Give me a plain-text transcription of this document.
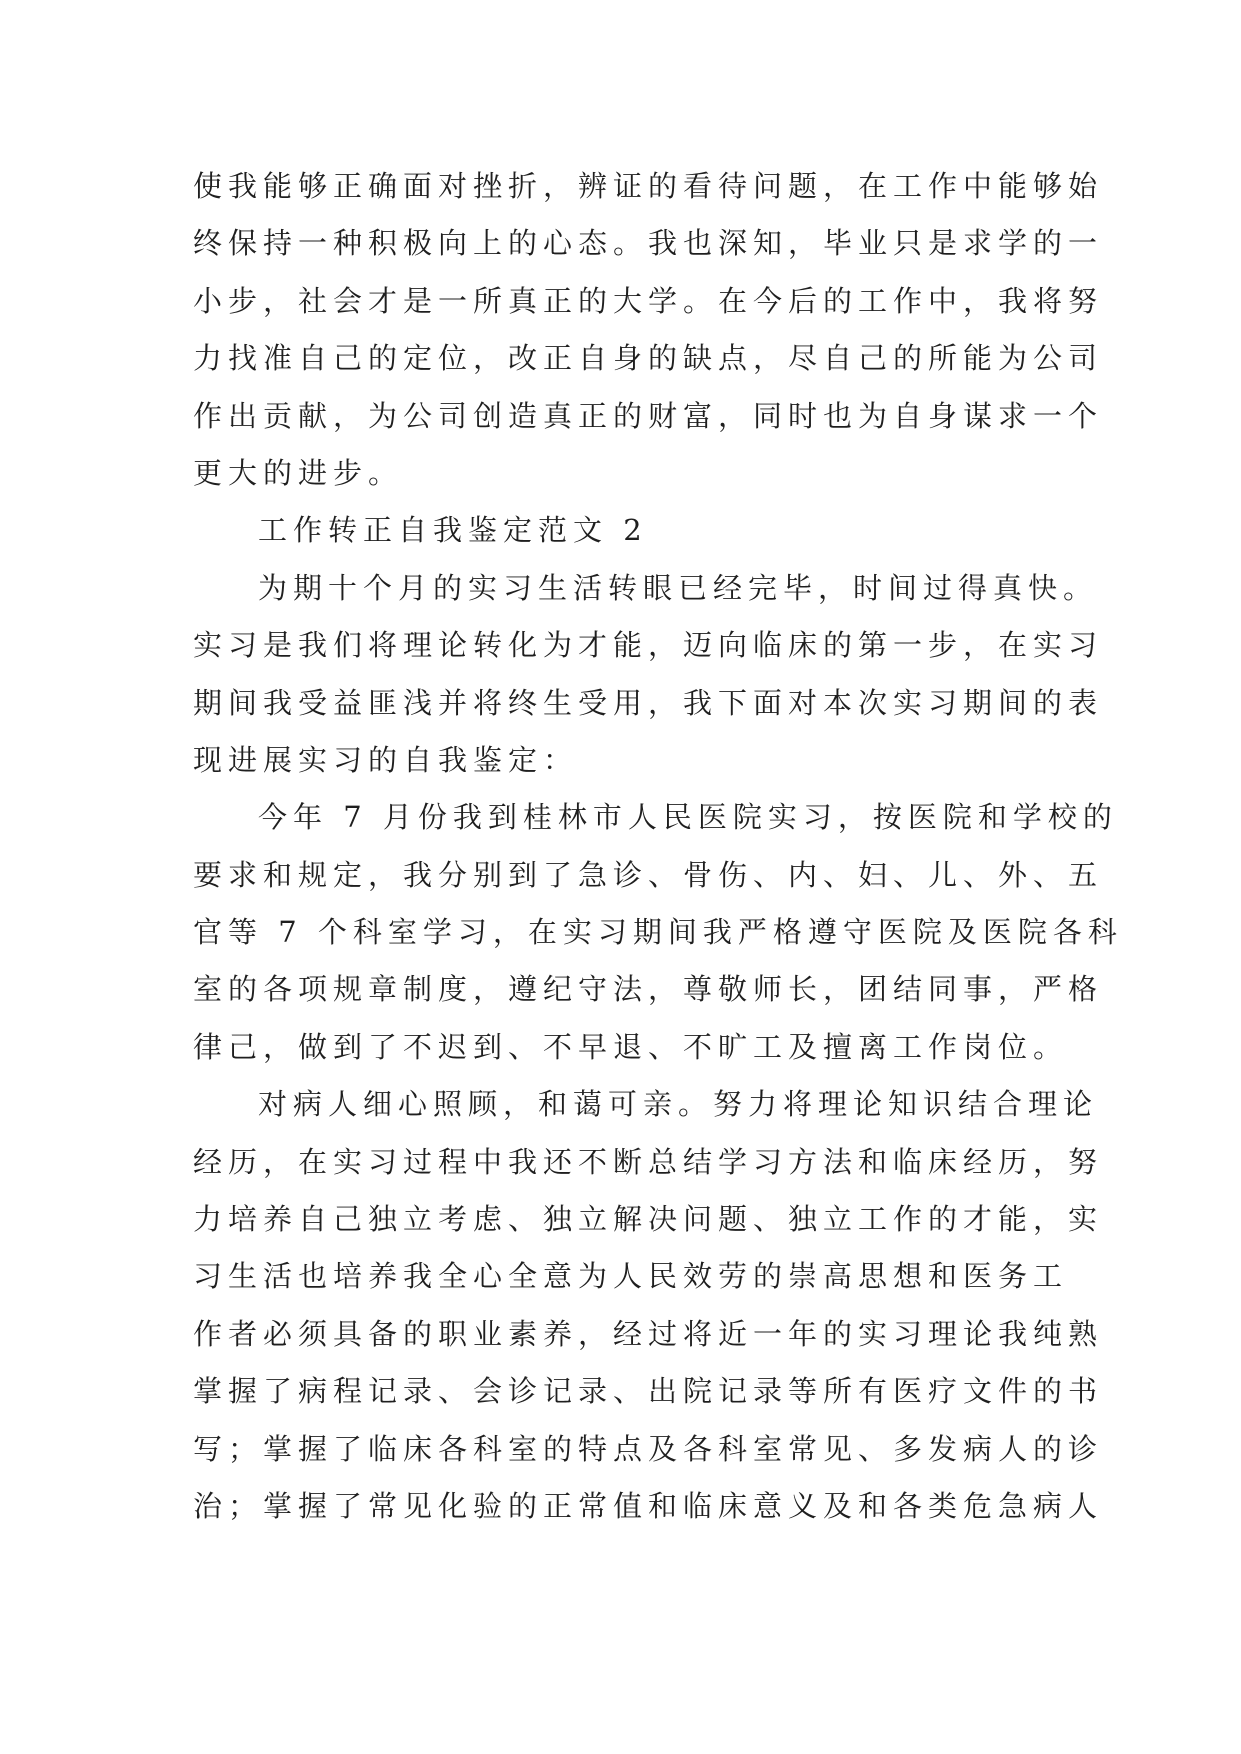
使我能够正确面对挫折，辨证的看待问题，在工作中能够始
终保持一种积极向上的心态。我也深知，毕业只是求学的一
小步，社会才是一所真正的大学。在今后的工作中，我将努
力找准自己的定位，改正自身的缺点，尽自己的所能为公司
作出贡献，为公司创造真正的财富，同时也为自身谋求一个
更大的进步。
工作转正自我鉴定范文 2
为期十个月的实习生活转眼已经完毕，时间过得真快。
实习是我们将理论转化为才能，迈向临床的第一步，在实习
期间我受益匪浅并将终生受用，我下面对本次实习期间的表
现进展实习的自我鉴定：
今年 7 月份我到桂林市人民医院实习，按医院和学校的
要求和规定，我分别到了急诊、骨伤、内、妇、儿、外、五
官等 7 个科室学习，在实习期间我严格遵守医院及医院各科
室的各项规章制度，遵纪守法，尊敬师长，团结同事，严格
律己，做到了不迟到、不早退、不旷工及擅离工作岗位。
对病人细心照顾，和蔼可亲。努力将理论知识结合理论
经历，在实习过程中我还不断总结学习方法和临床经历，努
力培养自己独立考虑、独立解决问题、独立工作的才能，实
习生活也培养我全心全意为人民效劳的崇高思想和医务工
作者必须具备的职业素养，经过将近一年的实习理论我纯熟
掌握了病程记录、会诊记录、出院记录等所有医疗文件的书
写；掌握了临床各科室的特点及各科室常见、多发病人的诊
治；掌握了常见化验的正常值和临床意义及和各类危急病人
